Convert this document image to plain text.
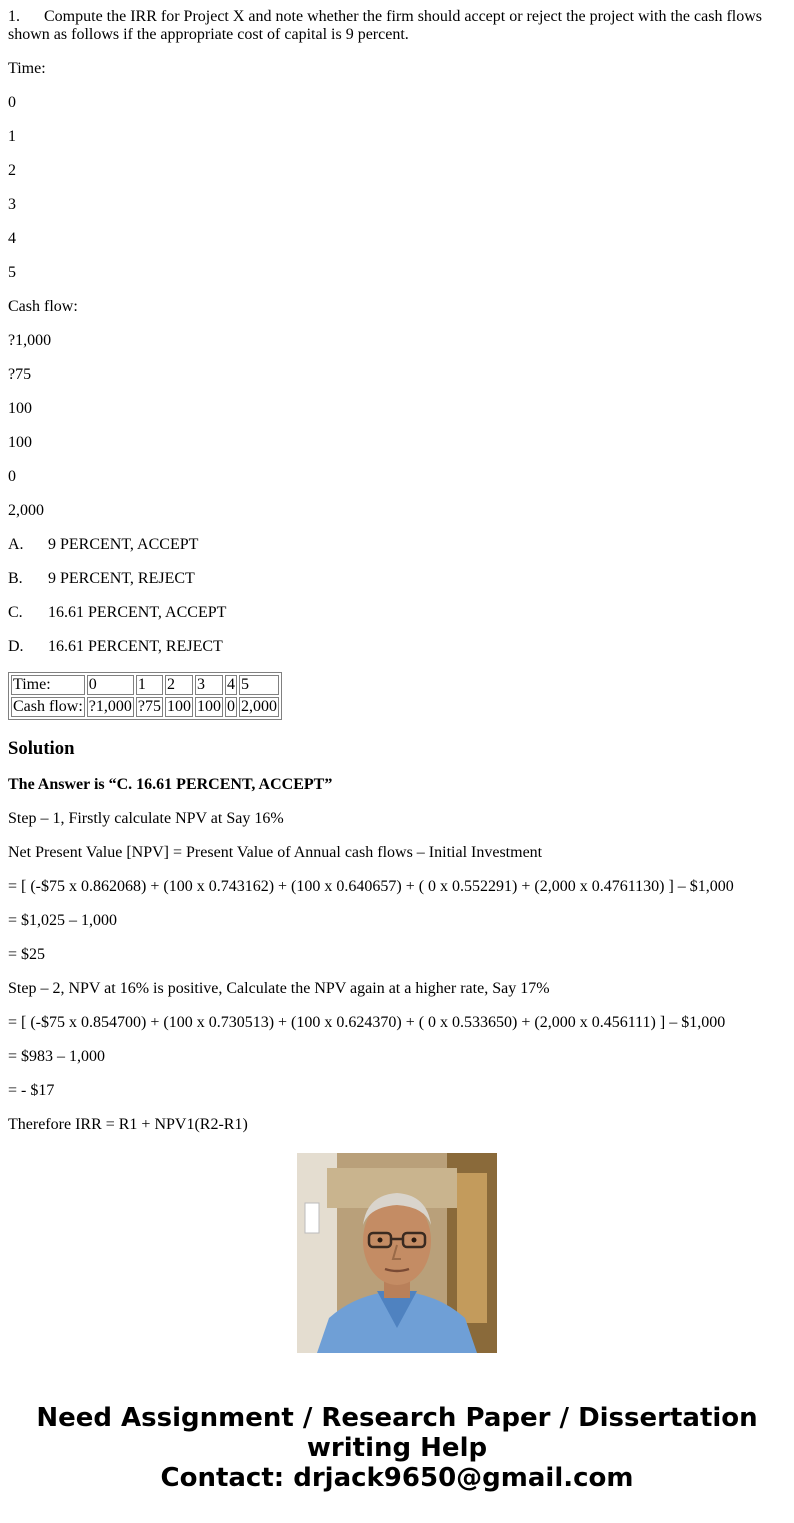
1. Compute the IRR for Project X and note whether the firm should accept or reject the project with the cash flows shown as follows if the appropriate cost of capital is 9 percent.

Time:

0

1

2

3

4

5

Cash flow:

?1,000

?75

100

100

0

2,000

A. 9 PERCENT, ACCEPT

B. 9 PERCENT, REJECT

C. 16.61 PERCENT, ACCEPT

D. 16.61 PERCENT, REJECT

Time:	0	1	2	3	4	5
Cash flow:	?1,000	?75	100	100	0	2,000
Solution

The Answer is “C. 16.61 PERCENT, ACCEPT”

Step – 1, Firstly calculate NPV at Say 16%

Net Present Value [NPV] = Present Value of Annual cash flows – Initial Investment

= [ (-$75 x 0.862068) + (100 x 0.743162) + (100 x 0.640657) + ( 0 x 0.552291) + (2,000 x 0.4761130) ] – $1,000

= $1,025 – 1,000

= $25

Step – 2, NPV at 16% is positive, Calculate the NPV again at a higher rate, Say 17%

= [ (-$75 x 0.854700) + (100 x 0.730513) + (100 x 0.624370) + ( 0 x 0.533650) + (2,000 x 0.456111) ] – $1,000

= $983 – 1,000

= - $17

Therefore IRR = R1 + NPV1(R2-R1)

Need Assignment / Research Paper / Dissertation
writing Help
Contact: drjack9650@gmail.com
